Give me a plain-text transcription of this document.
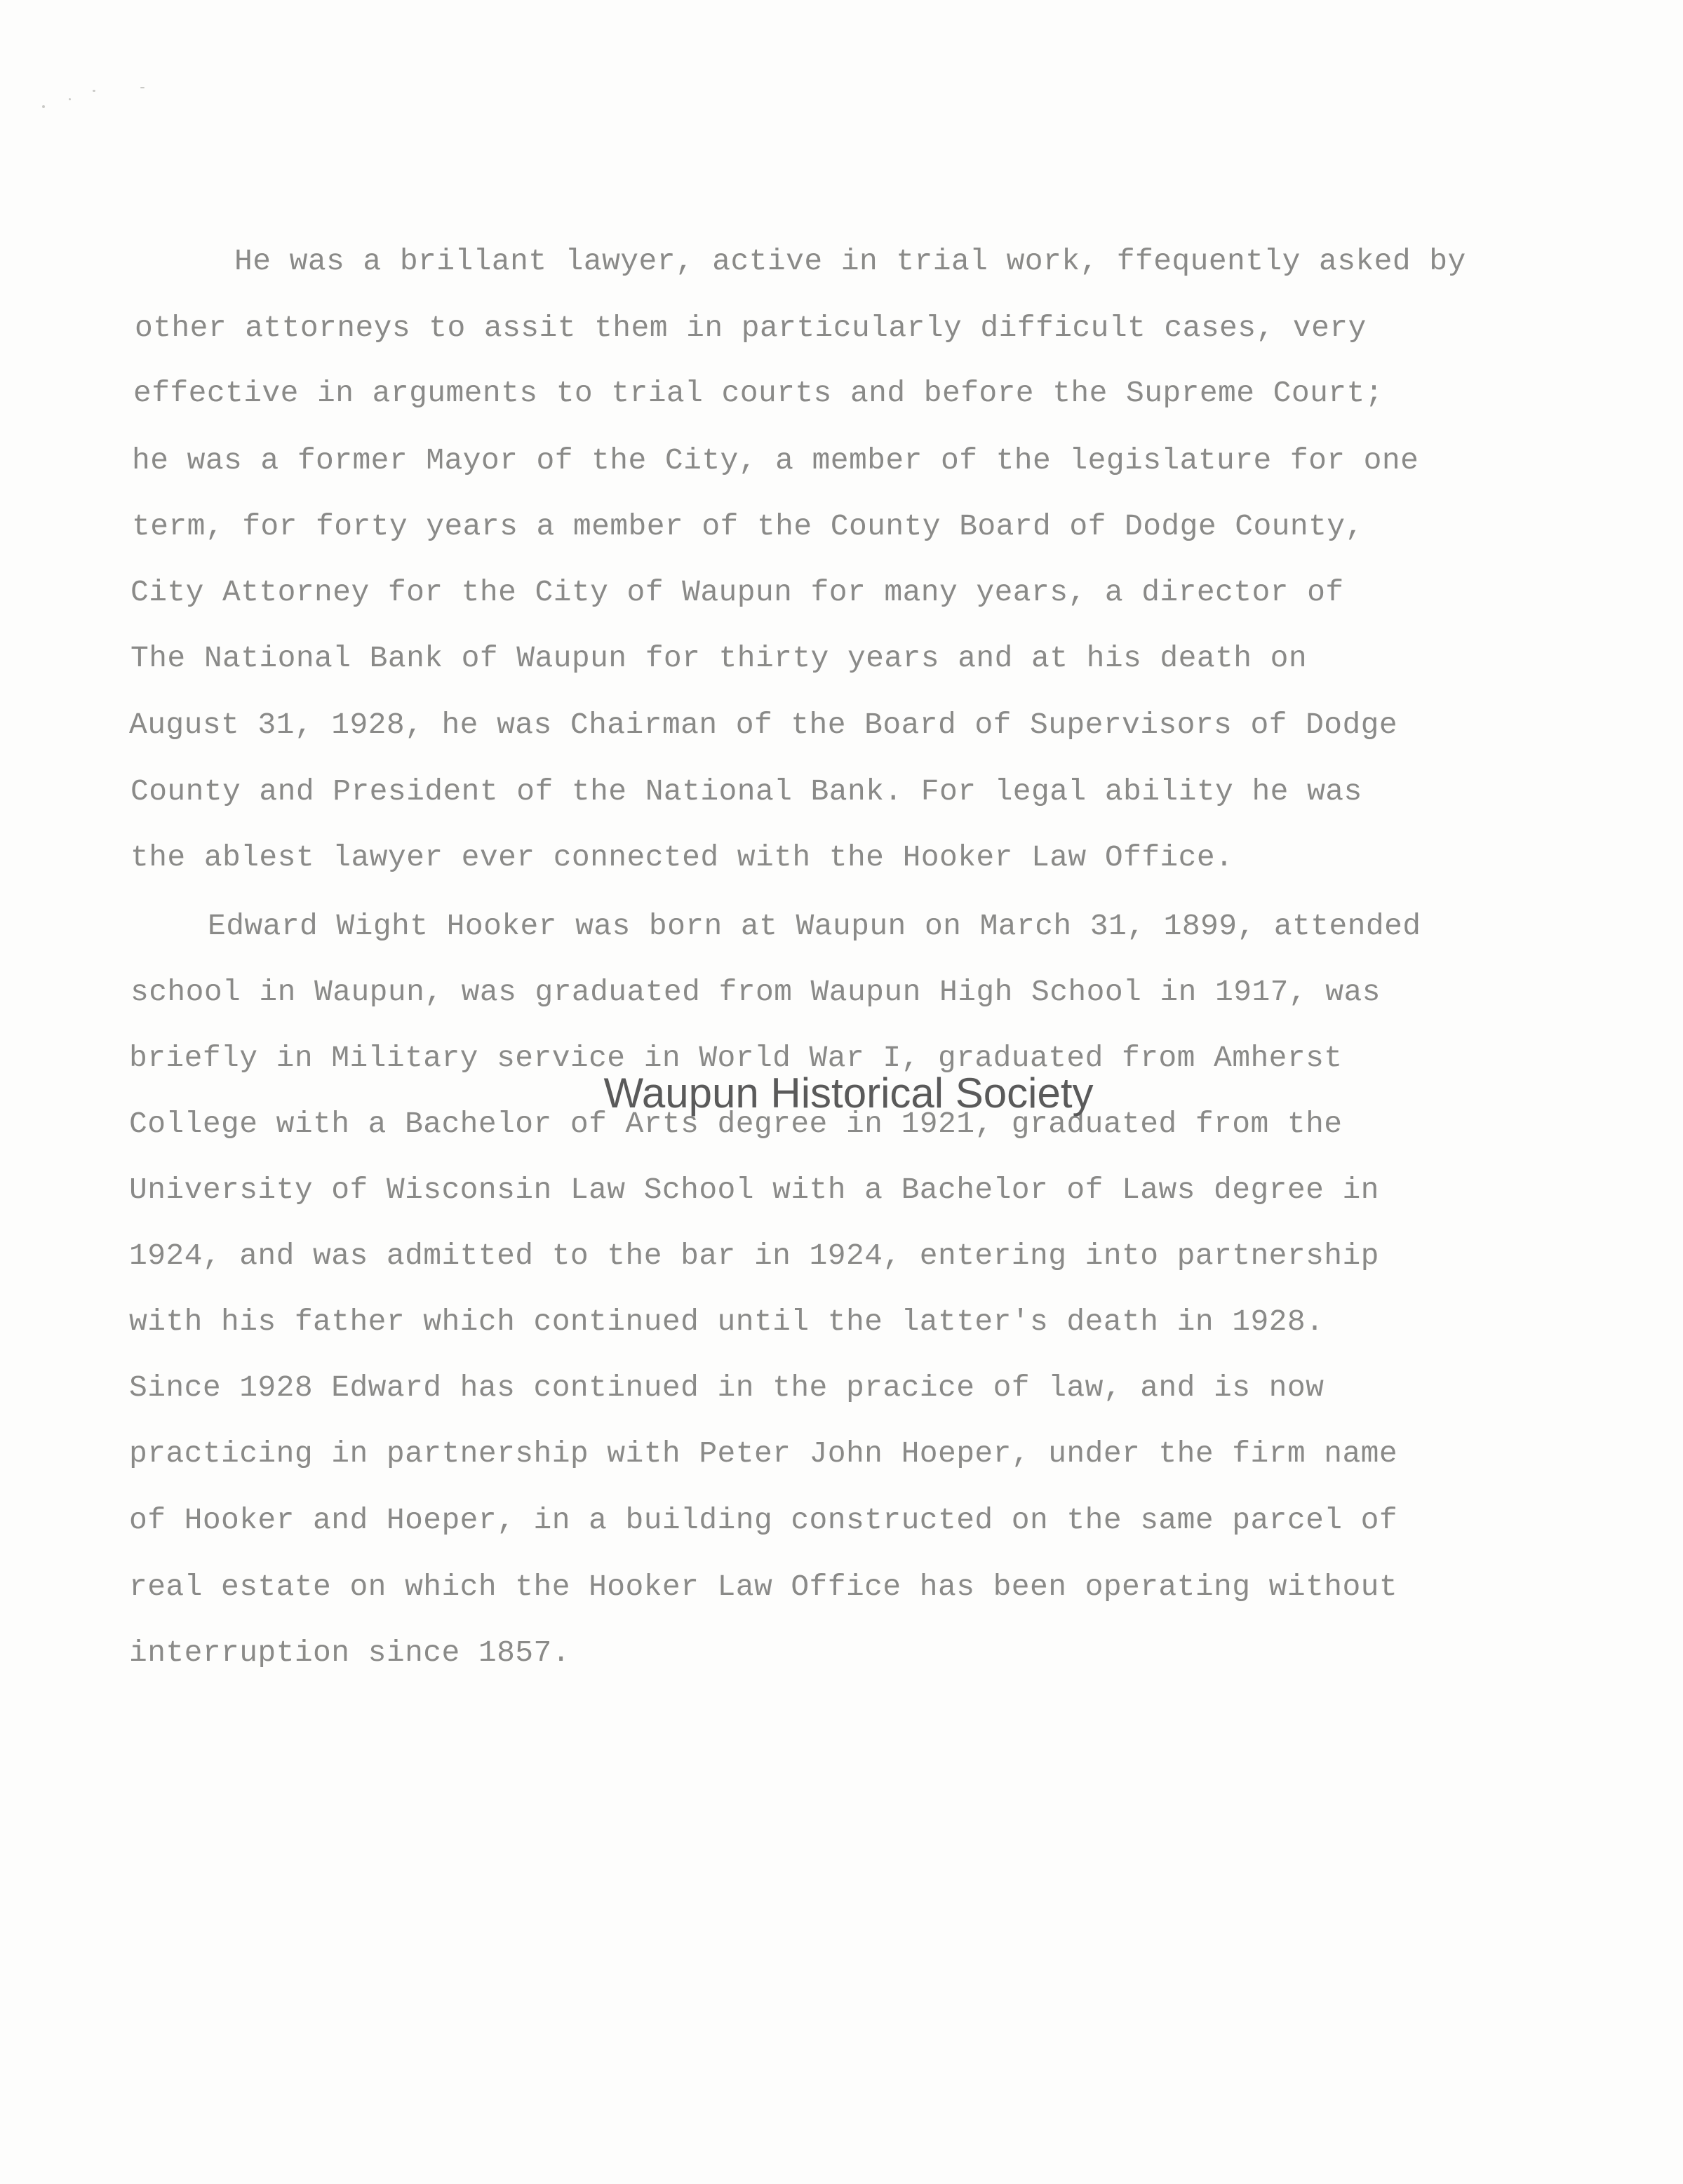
He was a brillant lawyer, active in trial work, ffequently asked by
other attorneys to assit them in particularly difficult cases, very
effective in arguments to trial courts and before the Supreme Court;
he was a former Mayor of the City, a member of the legislature for one
term, for forty years a member of the County Board of Dodge County,
City Attorney for the City of Waupun for many years, a director of
The National Bank of Waupun for thirty years and at his death on
August 31, 1928, he was Chairman of the Board of Supervisors of Dodge
County and President of the National Bank. For legal ability he was
the ablest lawyer ever connected with the Hooker Law Office.
Edward Wight Hooker was born at Waupun on March 31, 1899, attended
school in Waupun, was graduated from Waupun High School in 1917, was
briefly in Military service in World War I, graduated from Amherst
College with a Bachelor of Arts degree in 1921, graduated from the
University of Wisconsin Law School with a Bachelor of Laws degree in
1924, and was admitted to the bar in 1924, entering into partnership
with his father which continued until the latter's death in 1928.
Since 1928 Edward has continued in the pracice of law, and is now
practicing in partnership with Peter John Hoeper, under the firm name
of Hooker and Hoeper, in a building constructed on the same parcel of
real estate on which the Hooker Law Office has been operating without
interruption since 1857.
Waupun Historical Society
